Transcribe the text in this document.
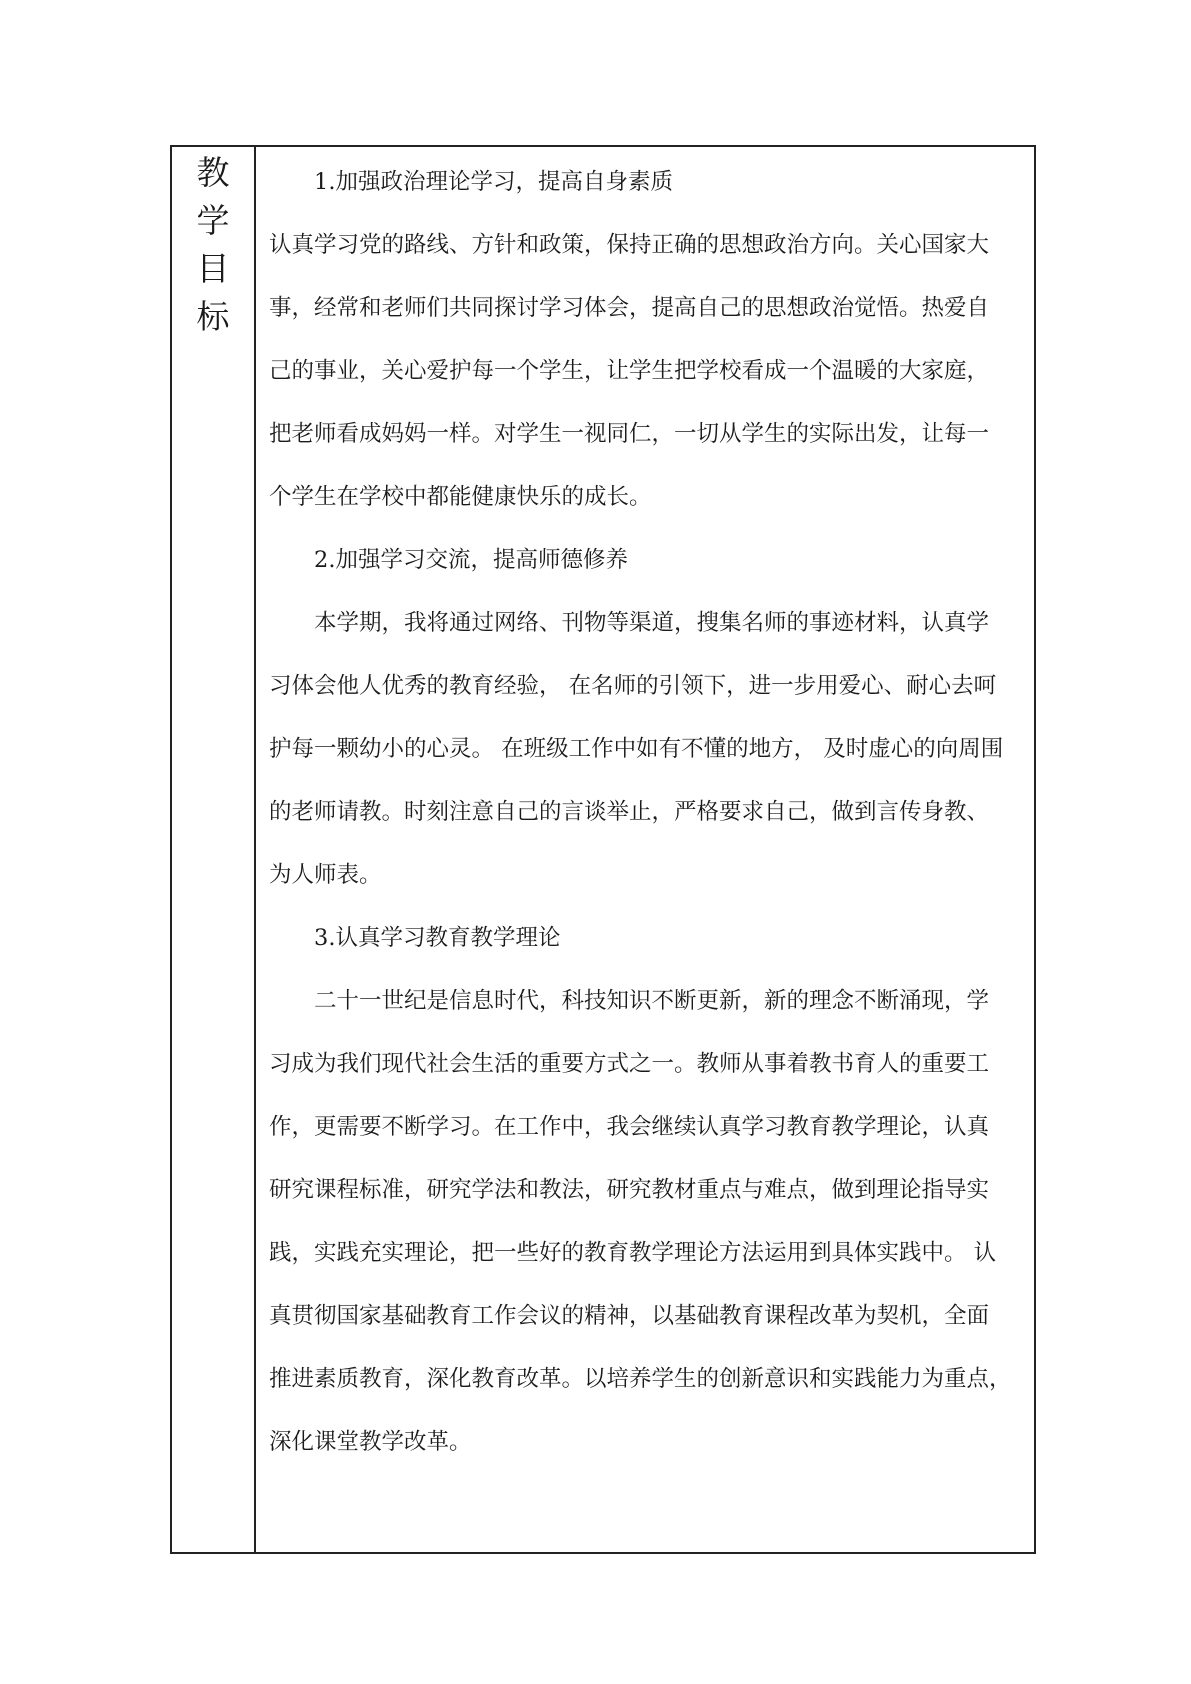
教
学
目
标
1.加强政治理论学习，提高自身素质
认真学习党的路线、方针和政策，保持正确的思想政治方向。关心国家大
事，经常和老师们共同探讨学习体会，提高自己的思想政治觉悟。热爱自
己的事业，关心爱护每一个学生，让学生把学校看成一个温暖的大家庭，
把老师看成妈妈一样。对学生一视同仁，一切从学生的实际出发，让每一
个学生在学校中都能健康快乐的成长。
2.加强学习交流，提高师德修养
本学期，我将通过网络、刊物等渠道，搜集名师的事迹材料，认真学
习体会他人优秀的教育经验， 在名师的引领下，进一步用爱心、耐心去呵
护每一颗幼小的心灵。 在班级工作中如有不懂的地方， 及时虚心的向周围
的老师请教。时刻注意自己的言谈举止，严格要求自己，做到言传身教、
为人师表。
3.认真学习教育教学理论
二十一世纪是信息时代，科技知识不断更新，新的理念不断涌现，学
习成为我们现代社会生活的重要方式之一。教师从事着教书育人的重要工
作，更需要不断学习。在工作中，我会继续认真学习教育教学理论，认真
研究课程标准，研究学法和教法，研究教材重点与难点，做到理论指导实
践，实践充实理论，把一些好的教育教学理论方法运用到具体实践中。 认
真贯彻国家基础教育工作会议的精神，以基础教育课程改革为契机，全面
推进素质教育，深化教育改革。以培养学生的创新意识和实践能力为重点，
深化课堂教学改革。
